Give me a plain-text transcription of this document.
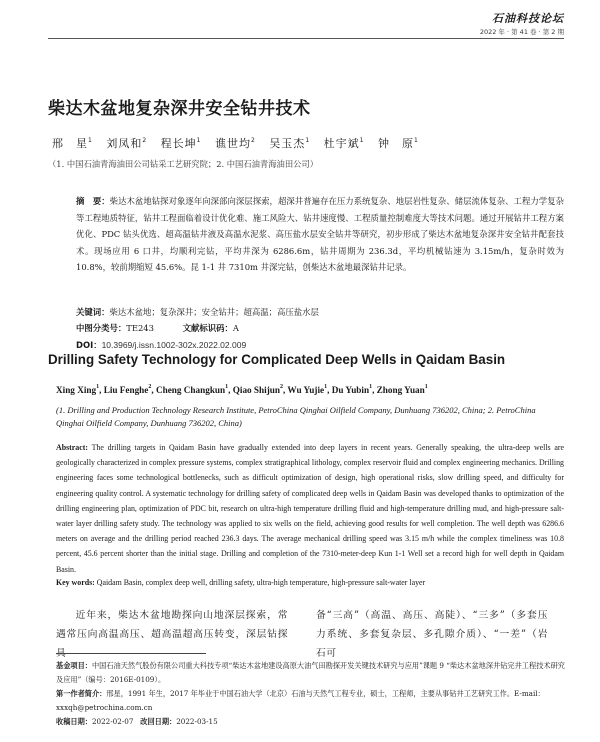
石油科技论坛
2022 年 · 第 41 卷 · 第 2 期
柴达木盆地复杂深井安全钻井技术
邢　星$^1$ 刘凤和$^2$ 程长坤$^1$ 谯世均$^2$ 吴玉杰$^1$ 杜宇斌$^1$ 钟　原$^1$
（1. 中国石油青海油田公司钻采工艺研究院；2. 中国石油青海油田公司）
摘　要：柴达木盆地钻探对象逐年向深部向深层探索，超深井普遍存在压力系统复杂、地层岩性复杂、储层流体复杂、工程力学复杂等工程地质特征，钻井工程面临着设计优化难、施工风险大、钻井速度慢、工程质量控制难度大等技术问题。通过开展钻井工程方案优化、PDC 钻头优选、超高温钻井液及高温水泥浆、高压盐水层安全钻井等研究，初步形成了柴达木盆地复杂深井安全钻井配套技术。现场应用 6 口井，均顺利完钻，平均井深为 6286.6m，钻井周期为 236.3d，平均机械钻速为 3.15m/h，复杂时效为 10.8%，较前期缩短 45.6%。昆 1-1 井 7310m 井深完钻，创柴达木盆地最深钻井记录。
关键词：柴达木盆地；复杂深井；安全钻井；超高温；高压盐水层
中图分类号：TE243	文献标识码：A
DOI：10.3969/j.issn.1002-302x.2022.02.009
Drilling Safety Technology for Complicated Deep Wells in Qaidam Basin
Xing Xing$^1$, Liu Fenghe$^2$, Cheng Changkun$^1$, Qiao Shijun$^2$, Wu Yujie$^1$, Du Yubin$^1$, Zhong Yuan$^1$
(1. Drilling and Production Technology Research Institute, PetroChina Qinghai Oilfield Company, Dunhuang 736202, China; 2. PetroChina Qinghai Oilfield Company, Dunhuang 736202, China)
Abstract: The drilling targets in Qaidam Basin have gradually extended into deep layers in recent years. Generally speaking, the ultra-deep wells are geologically characterized in complex pressure systems, complex stratigraphical lithology, complex reservoir fluid and complex engineering mechanics. Drilling engineering faces some technological bottlenecks, such as difficult optimization of design, high operational risks, slow drilling speed, and difficulty for engineering quality control. A systematic technology for drilling safety of complicated deep wells in Qaidam Basin was developed thanks to optimization of the drilling engineering plan, optimization of PDC bit, research on ultra-high temperature drilling fluid and high-temperature drilling mud, and high-pressure salt-water layer drilling safety study. The technology was applied to six wells on the field, achieving good results for well completion. The well depth was 6286.6 meters on average and the drilling period reached 236.3 days. The average mechanical drilling speed was 3.15 m/h while the complex timeliness was 10.8 percent, 45.6 percent shorter than the initial stage. Drilling and completion of the 7310-meter-deep Kun 1-1 Well set a record high for well depth in Qaidam Basin.
Key words: Qaidam Basin, complex deep well, drilling safety, ultra-high temperature, high-pressure salt-water layer
近年来，柴达木盆地勘探向山地深层探索，常遇常压向高温高压、超高温超高压转变，深层钻探具
备“三高”（高温、高压、高陡）、“三多”（多套压力系统、多套复杂层、多孔隙介质）、“一差”（岩石可
基金项目：中国石油天然气股份有限公司重大科技专项“柴达木盆地建设高原大油气田勘探开发关键技术研究与应用”课题 9 “柴达木盆地深井钻完井工程技术研究及应用”（编号：2016E-0109）。
第一作者简介：邢星，1991 年生，2017 年毕业于中国石油大学（北京）石油与天然气工程专业，硕士，工程师，主要从事钻井工艺研究工作。E-mail：xxxqh@petrochina.com.cn
收稿日期：2022-02-07 改回日期：2022-03-15
